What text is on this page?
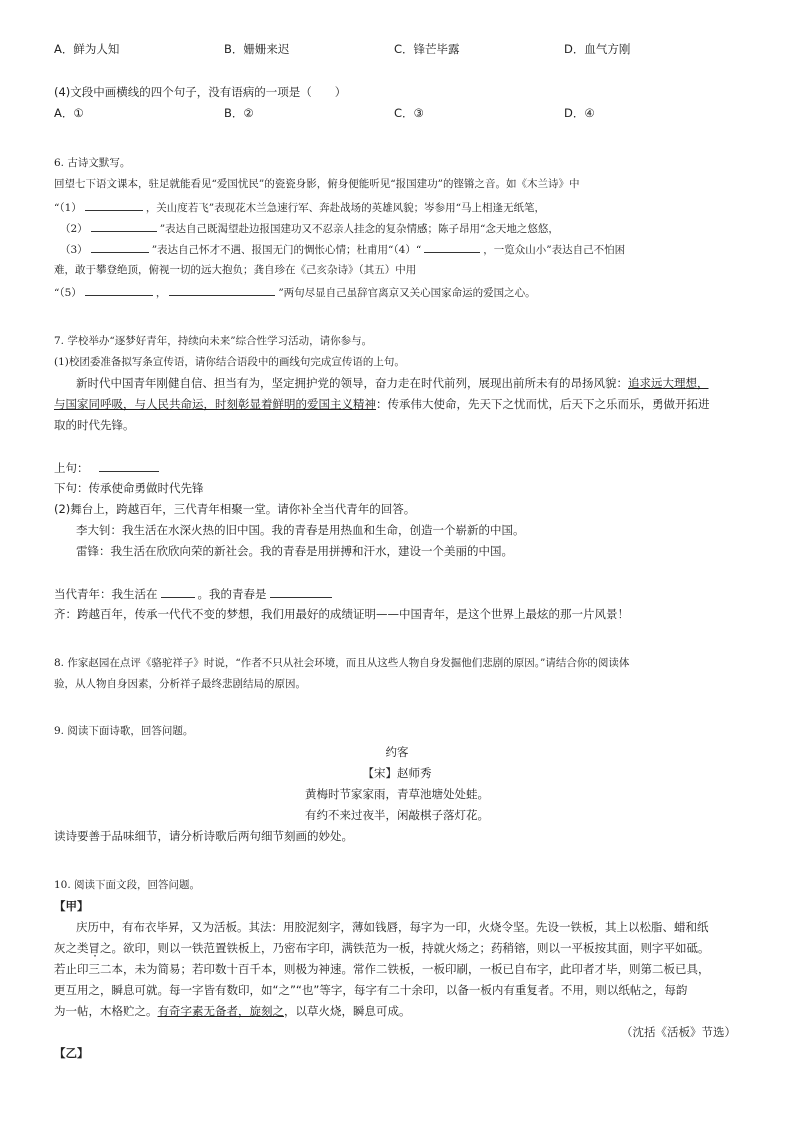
A．鲜为人知	B．姗姗来迟	C．锋芒毕露	D．血气方刚
(4)文段中画横线的四个句子，没有语病的一项是（　　）
A．①	B．②	C．③	D．④
6. 古诗文默写。
回望七下语文课本，驻足就能看见“爱国忧民”的瓷瓷身影，俯身便能听见“报国建功”的铿锵之音。如《木兰诗》中
“（1）	，关山度若飞”表现花木兰急速行军、奔赴战场的英雄风貌；岑参用“马上相逢无纸笔，
（2）	”表达自己既渴望赴边报国建功又不忍亲人挂念的复杂情感；陈子昂用“念天地之悠悠，
（3）	”表达自己怀才不遇、报国无门的惆怅心情；杜甫用“（4）“	，一览众山小”表达自己不怕困
难，敢于攀登绝顶，俯视一切的远大抱负；龚自珍在《己亥杂诗》（其五）中用
“（5）	，	”两句尽显自己虽辞官离京又关心国家命运的爱国之心。
7. 学校举办“逐梦好青年，持续向未来”综合性学习活动，请你参与。
(1)校团委准备拟写条宣传语，请你结合语段中的画线句完成宣传语的上句。
新时代中国青年刚健自信、担当有为，坚定拥护党的领导，奋力走在时代前列，展现出前所未有的昂扬风貌：追求远大理想，
与国家同呼吸，与人民共命运，时刻彰显着鲜明的爱国主义精神：传承伟大使命，先天下之忧而忧，后天下之乐而乐，勇做开拓进
取的时代先锋。
上句：
下句：传承使命勇做时代先锋
(2)舞台上，跨越百年，三代青年相聚一堂。请你补全当代青年的回答。
李大钊：我生活在水深火热的旧中国。我的青春是用热血和生命，创造一个崭新的中国。
雷锋：我生活在欣欣向荣的新社会。我的青春是用拼搏和汗水，建设一个美丽的中国。
当代青年：我生活在	。我的青春是
齐：跨越百年，传承一代代不变的梦想，我们用最好的成绩证明——中国青年，是这个世界上最炫的那一片风景！
8. 作家赵园在点评《骆驼祥子》时说，“作者不只从社会环境，而且从这些人物自身发掘他们悲剧的原因。”请结合你的阅读体
验，从人物自身因素，分析祥子最终悲剧结局的原因。
9. 阅读下面诗歌，回答问题。
约客
【宋】赵师秀
黄梅时节家家雨，青草池塘处处蛙。
有约不来过夜半，闲敲棋子落灯花。
读诗要善于品味细节，请分析诗歌后两句细节刻画的妙处。
10. 阅读下面文段，回答问题。
【甲】
庆历中，有布衣毕昇，又为活板。其法：用胶泥刻字，薄如钱唇，每字为一印，火烧令坚。先设一铁板，其上以松脂、蜡和纸
灰之类冒之。欲印，则以一铁范置铁板上，乃密布字印，满铁范为一板，持就火炀之；药稍镕，则以一平板按其面，则字平如砥。
若止印三二本，未为简易；若印数十百千本，则极为神速。常作二铁板，一板印刷，一板已自布字，此印者才毕，则第二板已具，
更互用之，瞬息可就。每一字皆有数印，如“之”“也”等字，每字有二十余印，以备一板内有重复者。不用，则以纸帖之，每韵
为一帖，木格贮之。有奇字素无备者，旋刻之，以草火烧，瞬息可成。
（沈括《活板》节选）
【乙】
